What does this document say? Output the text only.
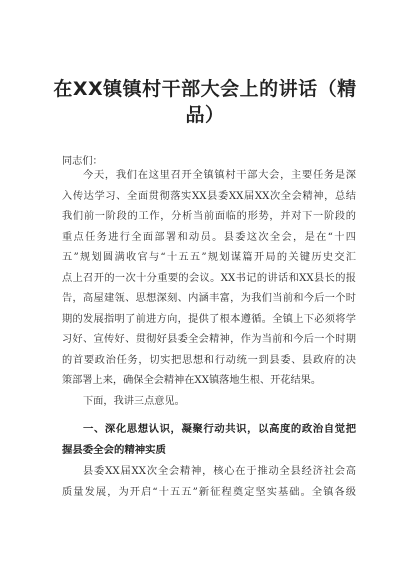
在XX镇镇村干部大会上的讲话（精
品）
同志们：
今天，我们在这里召开全镇镇村干部大会，主要任务是深
入传达学习、全面贯彻落实XX县委XX届XX次全会精神，总结
我们前一阶段的工作，分析当前面临的形势，并对下一阶段的
重点任务进行全面部署和动员。县委这次全会，是在“十四
五”规划圆满收官与“十五五”规划谋篇开局的关键历史交汇
点上召开的一次十分重要的会议。XX书记的讲话和XX县长的报
告，高屋建瓴、思想深刻、内涵丰富，为我们当前和今后一个时
期的发展指明了前进方向，提供了根本遵循。全镇上下必须将学
习好、宣传好、贯彻好县委全会精神，作为当前和今后一个时期
的首要政治任务，切实把思想和行动统一到县委、县政府的决
策部署上来，确保全会精神在XX镇落地生根、开花结果。
下面，我讲三点意见。
一、深化思想认识，凝聚行动共识，以高度的政治自觉把
握县委全会的精神实质
县委XX届XX次全会精神，核心在于推动全县经济社会高
质量发展，为开启“十五五”新征程奠定坚实基础。全镇各级
